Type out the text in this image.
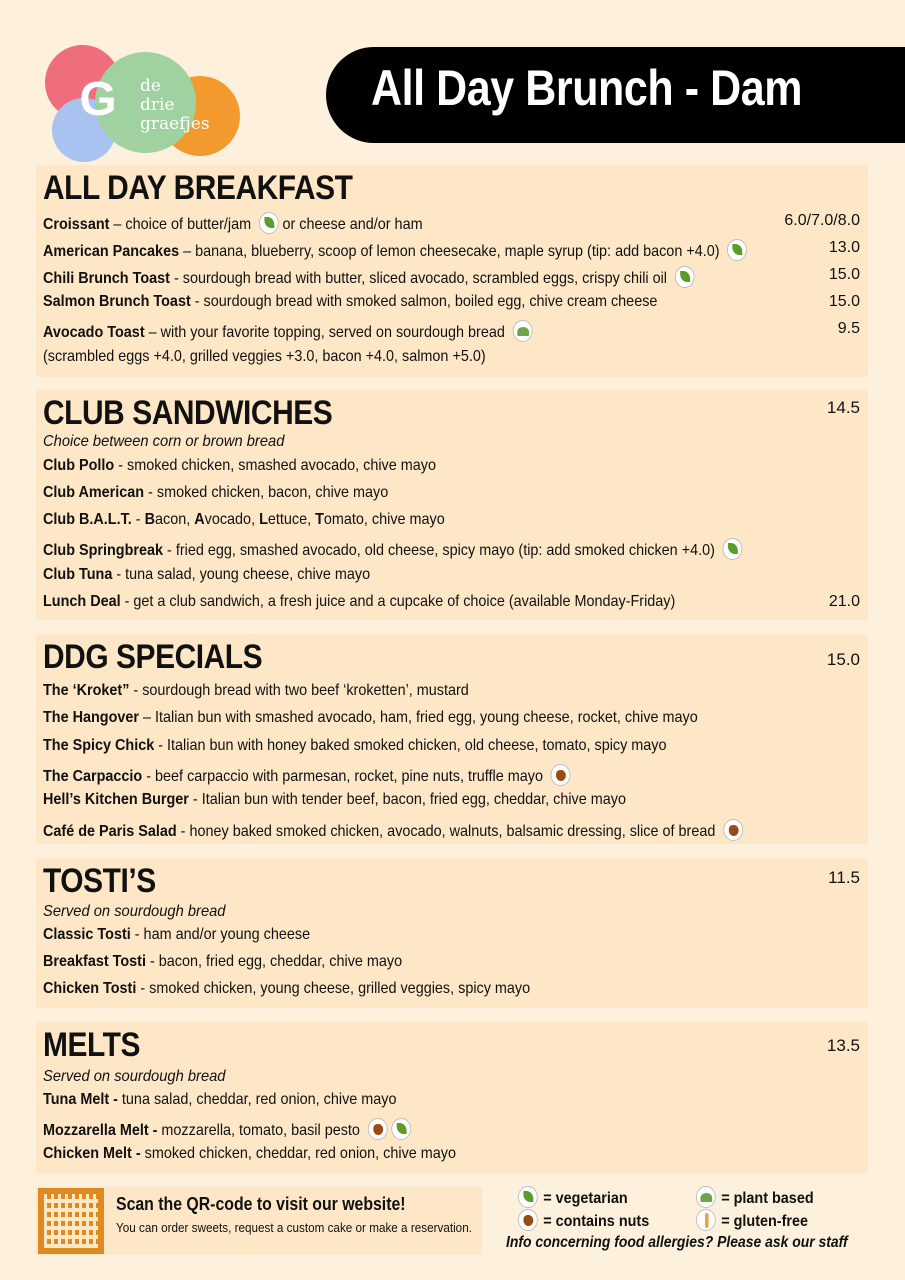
G de
drie
graefjes
All Day Brunch - Dam
ALL DAY BREAKFAST
Croissant – choice of butter/jam  or cheese and/or ham	6.0/7.0/8.0
American Pancakes – banana, blueberry, scoop of lemon cheesecake, maple syrup (tip: add bacon +4.0)	13.0
Chili Brunch Toast - sourdough bread with butter, sliced avocado, scrambled eggs, crispy chili oil	15.0
Salmon Brunch Toast - sourdough bread with smoked salmon, boiled egg, chive cream cheese	15.0
Avocado Toast – with your favorite topping, served on sourdough bread	9.5
(scrambled eggs +4.0, grilled veggies +3.0, bacon +4.0, salmon +5.0)
CLUB SANDWICHES	14.5
Choice between corn or brown bread
Club Pollo - smoked chicken, smashed avocado, chive mayo
Club American - smoked chicken, bacon, chive mayo
Club B.A.L.T. - Bacon, Avocado, Lettuce, Tomato, chive mayo
Club Springbreak - fried egg, smashed avocado, old cheese, spicy mayo (tip: add smoked chicken +4.0)
Club Tuna - tuna salad, young cheese, chive mayo
Lunch Deal - get a club sandwich, a fresh juice and a cupcake of choice (available Monday-Friday)	21.0
DDG SPECIALS	15.0
The ‘Kroket” - sourdough bread with two beef ‘kroketten’, mustard
The Hangover – Italian bun with smashed avocado, ham, fried egg, young cheese, rocket, chive mayo
The Spicy Chick - Italian bun with honey baked smoked chicken, old cheese, tomato, spicy mayo
The Carpaccio - beef carpaccio with parmesan, rocket, pine nuts, truffle mayo
Hell’s Kitchen Burger - Italian bun with tender beef, bacon, fried egg, cheddar, chive mayo
Café de Paris Salad - honey baked smoked chicken, avocado, walnuts, balsamic dressing, slice of bread
TOSTI’S	11.5
Served on sourdough bread
Classic Tosti - ham and/or young cheese
Breakfast Tosti - bacon, fried egg, cheddar, chive mayo
Chicken Tosti - smoked chicken, young cheese, grilled veggies, spicy mayo
MELTS	13.5
Served on sourdough bread
Tuna Melt - tuna salad, cheddar, red onion, chive mayo
Mozzarella Melt - mozzarella, tomato, basil pesto
Chicken Melt - smoked chicken, cheddar, red onion, chive mayo
Scan the QR-code to visit our website!
You can order sweets, request a custom cake or make a reservation.
= vegetarian	= plant based
= contains nuts	= gluten-free
Info concerning food allergies? Please ask our staff
